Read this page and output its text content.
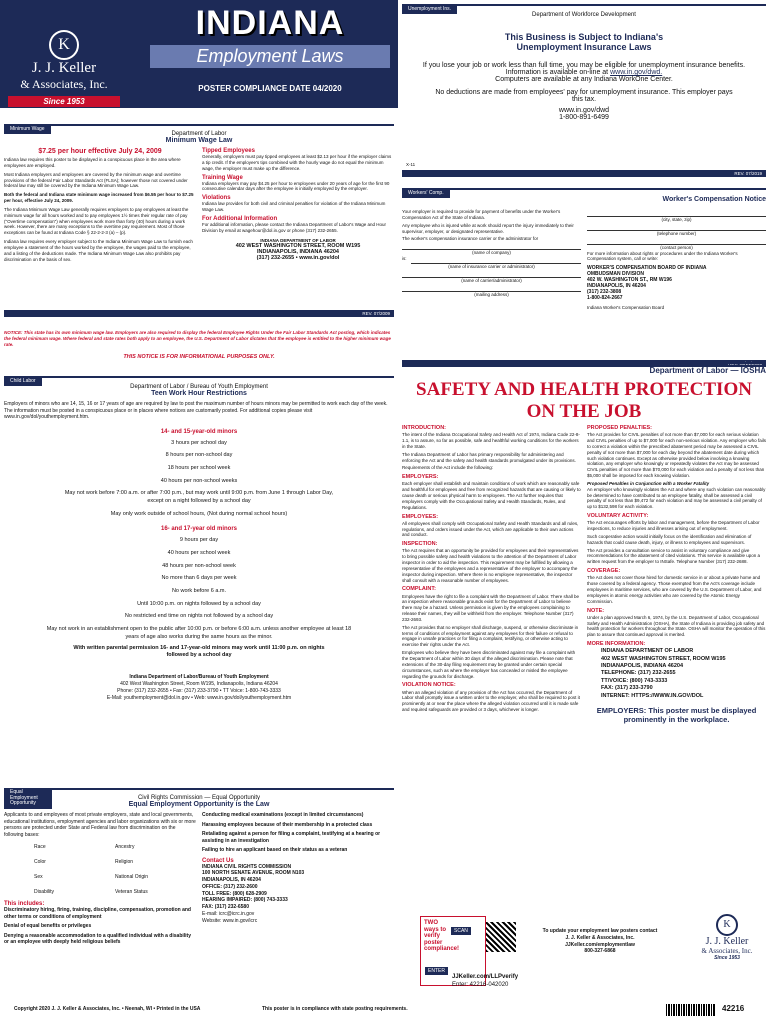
K
J. J. Keller
& Associates, Inc.
Since 1953
INDIANA
Employment Laws
POSTER COMPLIANCE DATE 04/2020
Unemployment Ins.
Department of Workforce Development
This Business is Subject to Indiana's
Unemployment Insurance Laws
If you lose your job or work less than full time, you may be eligible for unemployment insurance benefits. Information is available on-line at www.in.gov/dwd.
Computers are available at any Indiana WorkOne Center.
No deductions are made from employees' pay for unemployment insurance. This employer pays this tax.
www.in.gov/dwd
1-800-891-6499
X-11
REV. 07/2019
Minimum Wage
Department of Labor
Minimum Wage Law
$7.25 per hour effective July 24, 2009

Indiana law requires this poster to be displayed in a conspicuous place in the area where employees are employed.

Most Indiana employers and employees are covered by the minimum wage and overtime provisions of the federal Fair Labor Standards Act (FLSA); however those not covered under federal law may still be covered by the Indiana Minimum Wage Law.

Both the federal and Indiana state minimum wage increased from $6.55 per hour to $7.25 per hour, effective July 24, 2009.

The Indiana Minimum Wage Law generally requires employers to pay employees at least the minimum wage for all hours worked and to pay employees 1½ times their regular rate of pay ("Overtime compensation") when employees work more than forty (40) hours during a work week. However, there are many exceptions to the overtime pay requirement. Most of those exceptions can be found at Indiana Code § 22-2-2-3 (a) – (p).

Indiana law requires every employer subject to the Indiana Minimum Wage Law to furnish each employee a statement of the hours worked by the employee, the wages paid to the employee, and a listing of the deductions made. The Indiana Minimum Wage Law also prohibits pay discrimination on the basis of sex.

Tipped Employees

Generally, employers must pay tipped employees at least $2.13 per hour if the employer claims a tip credit. If the employee's tips combined with the hourly wage do not equal the minimum wage, the employer must make up the difference.

Training Wage

Indiana employers may pay $4.25 per hour to employees under 20 years of age for the first 90 consecutive calendar days after the employee is initially employed by the employer.

Violations

Indiana law provides for both civil and criminal penalties for violation of the Indiana Minimum Wage Law.

For Additional Information

For additional information, please contact the Indiana Department of Labor's Wage and Hour Division by email at wagehour@dol.in.gov or phone (317) 232-2655.

INDIANA DEPARTMENT OF LABOR
402 WEST WASHINGTON STREET, ROOM W195
INDIANAPOLIS, INDIANA 46204
(317) 232-2655 • www.in.gov/dol
REV. 07/2009
NOTICE: This state has its own minimum wage law. Employers are also required to display the federal Employee Rights Under the Fair Labor Standards Act posting, which indicates the federal minimum wage. Where federal and state rates both apply to an employee, the U.S. Department of Labor dictates that the employee is entitled to the higher minimum wage rate.
THIS NOTICE IS FOR INFORMATIONAL PURPOSES ONLY.
Workers' Comp.
Worker's Compensation Notice

Your employer is required to provide for payment of benefits under the Worker's Compensation Act of the State of Indiana.

Any employee who is injured while at work should report the injury immediately to their supervisor, employer, or designated representative.

The worker's compensation insurance carrier or the administrator for

(name of company)
is:
(name of insurance carrier or administrator)
(name of carrier/administrator)
(mailing address)
(city, state, zip)
(telephone number)
(contact person)

For more information about rights or procedures under the Indiana Worker's Compensation system, call or write:

WORKER'S COMPENSATION BOARD OF INDIANA
OMBUDSMAN DIVISION
402 W. WASHINGTON ST., RM W196
INDIANAPOLIS, IN 46204
(317) 232-3808
1-800-824-2667
Indiana Worker's Compensation Board
REV. 03/21/2005
Child Labor
Department of Labor / Bureau of Youth Employment
Teen Work Hour Restrictions

Employers of minors who are 14, 15, 16 or 17 years of age are required by law to post the maximum number of hours minors may be permitted to work each day of the week. The information must be posted in a conspicuous place or in places where notices are customarily posted. For additional copies please visit www.in.gov/dol/youthemployment.htm.

14- and 15-year-old minors
3 hours per school day
8 hours per non-school day
18 hours per school week
40 hours per non-school weeks
May not work before 7:00 a.m. or after 7:00 p.m., but may work until 9:00 p.m. from June 1 through Labor Day, except on a night followed by a school day
May only work outside of school hours, (Not during normal school hours)
16- and 17-year old minors
9 hours per day
40 hours per school week
48 hours per non-school week
No more than 6 days per week
No work before 6 a.m.
Until 10:00 p.m. on nights followed by a school day
No restricted end time on nights not followed by a school day
May not work in an establishment open to the public after 10:00 p.m. or before 6:00 a.m. unless another employee at least 18 years of age also works during the same hours as the minor.
With written parental permission 16- and 17-year-old minors may work until 11:00 p.m. on nights followed by a school day
Indiana Department of Labor/Bureau of Youth Employment
402 West Washington Street, Room W195, Indianapolis, Indiana 46204
Phone: (317) 232-2655 • Fax: (317) 233-3790 • TT Voice: 1-800-743-3333
E-Mail: youthemployment@dol.in.gov • Web: www.in.gov/dol/youthemployment.htm
Equal Employment Opportunity
Civil Rights Commission — Equal Opportunity
Equal Employment Opportunity is the Law

Applicants to and employees of most private employers, state and local governments, educational institutions, employment agencies and labor organizations with six or more persons are protected under State and Federal law from discrimination on the following bases:

Race	Ancestry
Color	Religion
Sex	National Origin
Disability	Veteran Status
This includes:

Discriminatory hiring, firing, training, discipline, compensation, promotion and other terms or conditions of employment

Denial of equal benefits or privileges

Denying a reasonable accommodation to a qualified individual with a disability or an employee with deeply held religious beliefs

Conducting medical examinations (except in limited circumstances)

Harassing employees because of their membership in a protected class

Retaliating against a person for filing a complaint, testifying at a hearing or assisting in an investigation

Failing to hire an applicant based on their status as a veteran

Contact Us
INDIANA CIVIL RIGHTS COMMISSION
100 NORTH SENATE AVENUE, ROOM N103
INDIANAPOLIS, IN 46204
OFFICE: (317) 232-2600
TOLL FREE: (800) 628-2909
HEARING IMPAIRED: (800) 743-3333
FAX: (317) 232-6580
E-mail: icrc@icrc.in.gov
Website: www.in.gov/icrc
Department of Labor — IOSHA
SAFETY AND HEALTH PROTECTION
ON THE JOB
INTRODUCTION:

The intent of the Indiana Occupational Safety and Health Act of 1974, Indiana Code 22-8-1.1, is to assure, so far as possible, safe and healthful working conditions for the workers in the State.

The Indiana Department of Labor has primary responsibility for administering and enforcing the Act and the safety and health standards promulgated under its provisions.

Requirements of the Act include the following:

EMPLOYERS:

Each employer shall establish and maintain conditions of work which are reasonably safe and healthful for employees and free from recognized hazards that are causing or likely to cause death or serious physical harm to employees. The Act further requires that employers comply with the Occupational Safety and Health Standards, Rules, and Regulations.

EMPLOYEES:

All employees shall comply with Occupational Safety and Health Standards and all rules, regulations, and orders issued under the Act, which are applicable to their own actions and conduct.

INSPECTION:

The Act requires that an opportunity be provided for employees and their representatives to bring possible safety and health violations to the attention of the Department of Labor inspector in order to aid the inspection. This requirement may be fulfilled by allowing a representative of the employees and a representative of the employer to accompany the inspector during inspection. Where there is no employee representative, the inspector shall consult with a reasonable number of employees.

COMPLAINT:

Employees have the right to file a complaint with the Department of Labor. There shall be an inspection where reasonable grounds exist for the Department of Labor to believe there may be a hazard. Unless permission is given by the employees complaining to release their names, they will be withheld from the employer. Telephone Number (317) 232-2693.

The Act provides that no employer shall discharge, suspend, or otherwise discriminate in terms of conditions of employment against any employees for their failure or refusal to engage in unsafe practices or for filing a complaint, testifying, or otherwise acting to exercise their rights under the Act.

Employees who believe they have been discriminated against may file a complaint with the Department of Labor within 30 days of the alleged discrimination. Please note that extensions of the 30-day filing requirement may be granted under certain special circumstances, such as where the employer has concealed or misled the employee regarding the grounds for discharge.

VIOLATION NOTICE:

When an alleged violation of any provision of the Act has occurred, the Department of Labor shall promptly issue a written order to the employer, who shall be required to post it prominently at or near the place where the alleged violation occurred until it is made safe and required safeguards are provided or 3 days, whichever is longer.

PROPOSED PENALTIES:

The Act provides for CIVIL penalties of not more than $7,000 for each serious violation and CIVIL penalties of up to $7,000 for each non-serious violation. Any employer who fails to correct a violation within the prescribed abatement period may be assessed a CIVIL penalty of not more than $7,000 for each day beyond the abatement date during which such violation continues. Except as otherwise provided below involving a knowing violation, any employer who knowingly or repeatedly violates the Act may be assessed CIVIL penalties of not more than $70,000 for each violation and a penalty of not less than $5,000 shall be imposed for each knowing violation.

Proposed Penalties in Conjunction with a Worker Fatality

An employer who knowingly violates the Act and where any such violation can reasonably be determined to have contributed to an employee fatality, shall be assessed a civil penalty of not less than $9,472 for each violation and may be assessed a civil penalty of up to $132,598 for each violation.

VOLUNTARY ACTIVITY:

The Act encourages efforts by labor and management, before the Department of Labor inspections, to reduce injuries and illnesses arising out of employment.

Such cooperative action would initially focus on the identification and elimination of hazards that could cause death, injury, or illness to employees and supervisors.

The Act provides a consultation service to assist in voluntary compliance and give recommendations for the abatement of cited violations. This service is available upon a written request from the employer to INSafe. Telephone Number (317) 232-2688.

COVERAGE:

The Act does not cover those hired for domestic service in or about a private home and those covered by a federal agency. Those exempted from the Act's coverage include employees in maritime services, who are covered by the U.S. Department of Labor, and employees in atomic energy activities who are covered by the Atomic Energy Commission.

NOTE:

Under a plan approved March 6, 1974, by the U.S. Department of Labor, Occupational Safety and Health Administration (OSHA), the State of Indiana is providing job safety and health protection for workers throughout the State. OSHA will monitor the operation of this plan to assure that continued approval is merited.

MORE INFORMATION:
INDIANA DEPARTMENT OF LABOR
402 WEST WASHINGTON STREET, ROOM W195
INDIANAPOLIS, INDIANA 46204
TELEPHONE: (317) 232-2655
TT/VOICE: (800) 743-3333
FAX: (317) 233-3790
INTERNET: HTTPS://WWW.IN.GOV/DOL
EMPLOYERS: This poster must be displayed prominently in the workplace.
TWO ways to verify poster compliance!
SCAN
ENTER
JJKeller.com/LLPverify
Enter: 42216-042020
To update your employment law posters contact J. J. Keller & Associates, Inc.
JJKeller.com/employmentlaw
800-327-6868
K
J. J. Keller
& Associates, Inc.
Since 1953
42216
Copyright 2020 J. J. Keller & Associates, Inc. • Neenah, WI • Printed in the USA	This poster is in compliance with state posting requirements.
